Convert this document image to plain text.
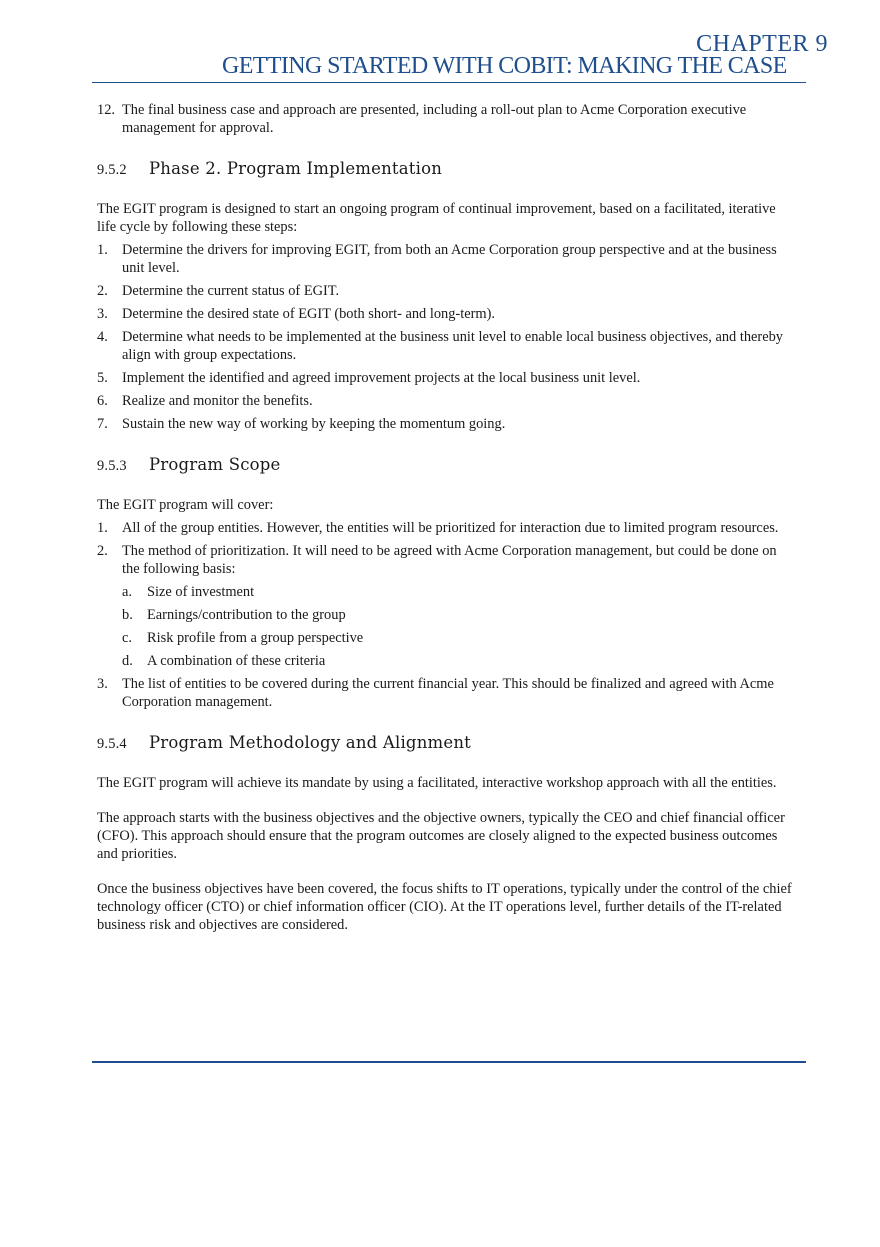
CHAPTER 9
GETTING STARTED WITH COBIT: MAKING THE CASE
12. The final business case and approach are presented, including a roll-out plan to Acme Corporation executive management for approval.
9.5.2 Phase 2. Program Implementation

The EGIT program is designed to start an ongoing program of continual improvement, based on a facilitated, iterative life cycle by following these steps:

1. Determine the drivers for improving EGIT, from both an Acme Corporation group perspective and at the business unit level.
2. Determine the current status of EGIT.
3. Determine the desired state of EGIT (both short- and long-term).
4. Determine what needs to be implemented at the business unit level to enable local business objectives, and thereby align with group expectations.
5. Implement the identified and agreed improvement projects at the local business unit level.
6. Realize and monitor the benefits.
7. Sustain the new way of working by keeping the momentum going.
9.5.3 Program Scope

The EGIT program will cover:

1. All of the group entities. However, the entities will be prioritized for interaction due to limited program resources.
2. The method of prioritization. It will need to be agreed with Acme Corporation management, but could be done on the following basis:
a. Size of investment
b. Earnings/contribution to the group
c. Risk profile from a group perspective
d. A combination of these criteria
3. The list of entities to be covered during the current financial year. This should be finalized and agreed with Acme Corporation management.
9.5.4 Program Methodology and Alignment

The EGIT program will achieve its mandate by using a facilitated, interactive workshop approach with all the entities.

The approach starts with the business objectives and the objective owners, typically the CEO and chief financial officer (CFO). This approach should ensure that the program outcomes are closely aligned to the expected business outcomes and priorities.

Once the business objectives have been covered, the focus shifts to IT operations, typically under the control of the chief technology officer (CTO) or chief information officer (CIO). At the IT operations level, further details of the IT-related business risk and objectives are considered.
